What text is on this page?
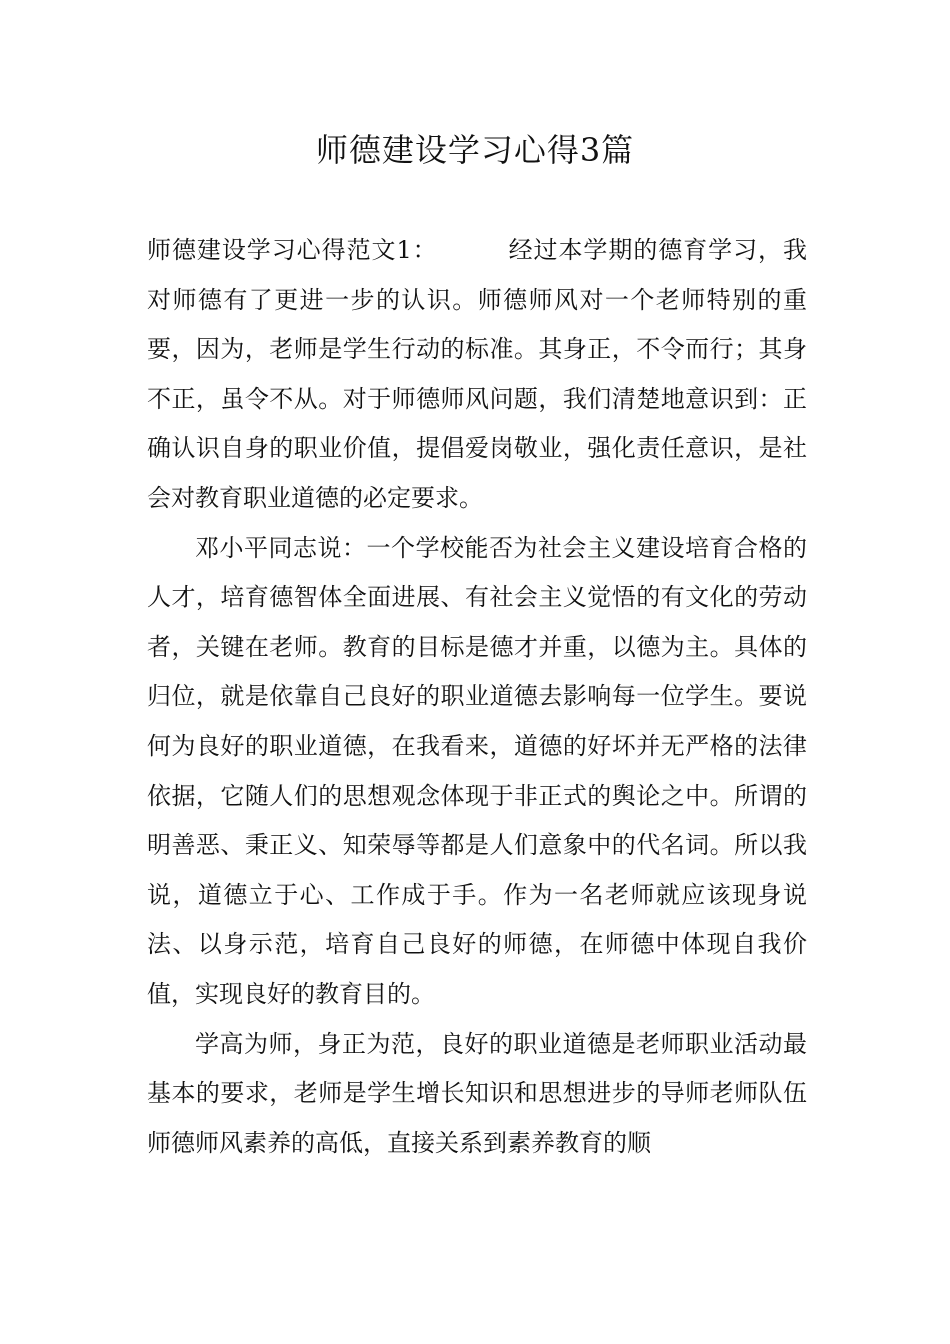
师德建设学习心得3篇

师德建设学习心得范文1：	经过本学期的德育学习，我对师德有了更进一步的认识。师德师风对一个老师特别的重要，因为，老师是学生行动的标准。其身正，不令而行；其身不正，虽令不从。对于师德师风问题，我们清楚地意识到：正确认识自身的职业价值，提倡爱岗敬业，强化责任意识，是社会对教育职业道德的必定要求。

邓小平同志说：一个学校能否为社会主义建设培育合格的人才，培育德智体全面进展、有社会主义觉悟的有文化的劳动者，关键在老师。教育的目标是德才并重，以德为主。具体的归位，就是依靠自己良好的职业道德去影响每一位学生。要说何为良好的职业道德，在我看来，道德的好坏并无严格的法律依据，它随人们的思想观念体现于非正式的舆论之中。所谓的明善恶、秉正义、知荣辱等都是人们意象中的代名词。所以我说，道德立于心、工作成于手。作为一名老师就应该现身说法、以身示范，培育自己良好的师德，在师德中体现自我价值，实现良好的教育目的。

学高为师，身正为范，良好的职业道德是老师职业活动最基本的要求，老师是学生增长知识和思想进步的导师老师队伍师德师风素养的高低，直接关系到素养教育的顺
